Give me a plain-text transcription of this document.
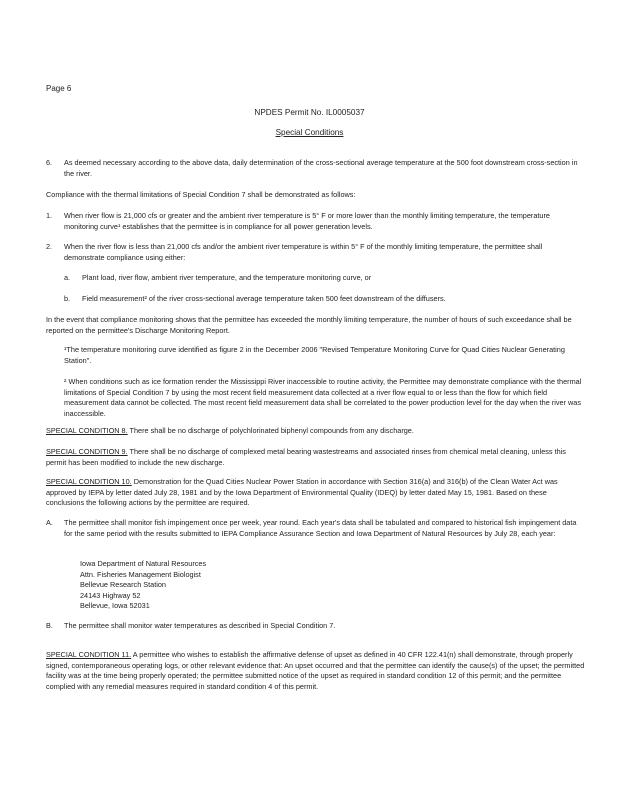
Page 6
NPDES Permit No. IL0005037
Special Conditions
6. As deemed necessary according to the above data, daily determination of the cross-sectional average temperature at the 500 foot downstream cross-section in the river.
Compliance with the thermal limitations of Special Condition 7 shall be demonstrated as follows:
1. When river flow is 21,000 cfs or greater and the ambient river temperature is 5° F or more lower than the monthly limiting temperature, the temperature monitoring curve¹ establishes that the permittee is in compliance for all power generation levels.
2. When the river flow is less than 21,000 cfs and/or the ambient river temperature is within 5° F of the monthly limiting temperature, the permittee shall demonstrate compliance using either:
a. Plant load, river flow, ambient river temperature, and the temperature monitoring curve, or
b. Field measurement² of the river cross-sectional average temperature taken 500 feet downstream of the diffusers.
In the event that compliance monitoring shows that the permittee has exceeded the monthly limiting temperature, the number of hours of such exceedance shall be reported on the permittee's Discharge Monitoring Report.
¹The temperature monitoring curve identified as figure 2 in the December 2006 "Revised Temperature Monitoring Curve for Quad Cities Nuclear Generating Station".
² When conditions such as ice formation render the Mississippi River inaccessible to routine activity, the Permittee may demonstrate compliance with the thermal limitations of Special Condition 7 by using the most recent field measurement data collected at a river flow equal to or less than the flow for which field measurement data cannot be collected. The most recent field measurement data shall be correlated to the power production level for the day when the river was inaccessible.
SPECIAL CONDITION 8. There shall be no discharge of polychlorinated biphenyl compounds from any discharge.
SPECIAL CONDITION 9. There shall be no discharge of complexed metal bearing wastestreams and associated rinses from chemical metal cleaning, unless this permit has been modified to include the new discharge.
SPECIAL CONDITION 10. Demonstration for the Quad Cities Nuclear Power Station in accordance with Section 316(a) and 316(b) of the Clean Water Act was approved by IEPA by letter dated July 28, 1981 and by the Iowa Department of Environmental Quality (IDEQ) by letter dated May 15, 1981. Based on these conclusions the following actions by the permittee are required.
A. The permittee shall monitor fish impingement once per week, year round. Each year's data shall be tabulated and compared to historical fish impingement data for the same period with the results submitted to IEPA Compliance Assurance Section and Iowa Department of Natural Resources by July 28, each year:
Iowa Department of Natural Resources
Attn. Fisheries Management Biologist
Bellevue Research Station
24143 Highway 52
Bellevue, Iowa 52031
B. The permittee shall monitor water temperatures as described in Special Condition 7.
SPECIAL CONDITION 11. A permittee who wishes to establish the affirmative defense of upset as defined in 40 CFR 122.41(n) shall demonstrate, through properly signed, contemporaneous operating logs, or other relevant evidence that: An upset occurred and that the permittee can identify the cause(s) of the upset; the permitted facility was at the time being properly operated; the permittee submitted notice of the upset as required in standard condition 12 of this permit; and the permittee complied with any remedial measures required in standard condition 4 of this permit.
